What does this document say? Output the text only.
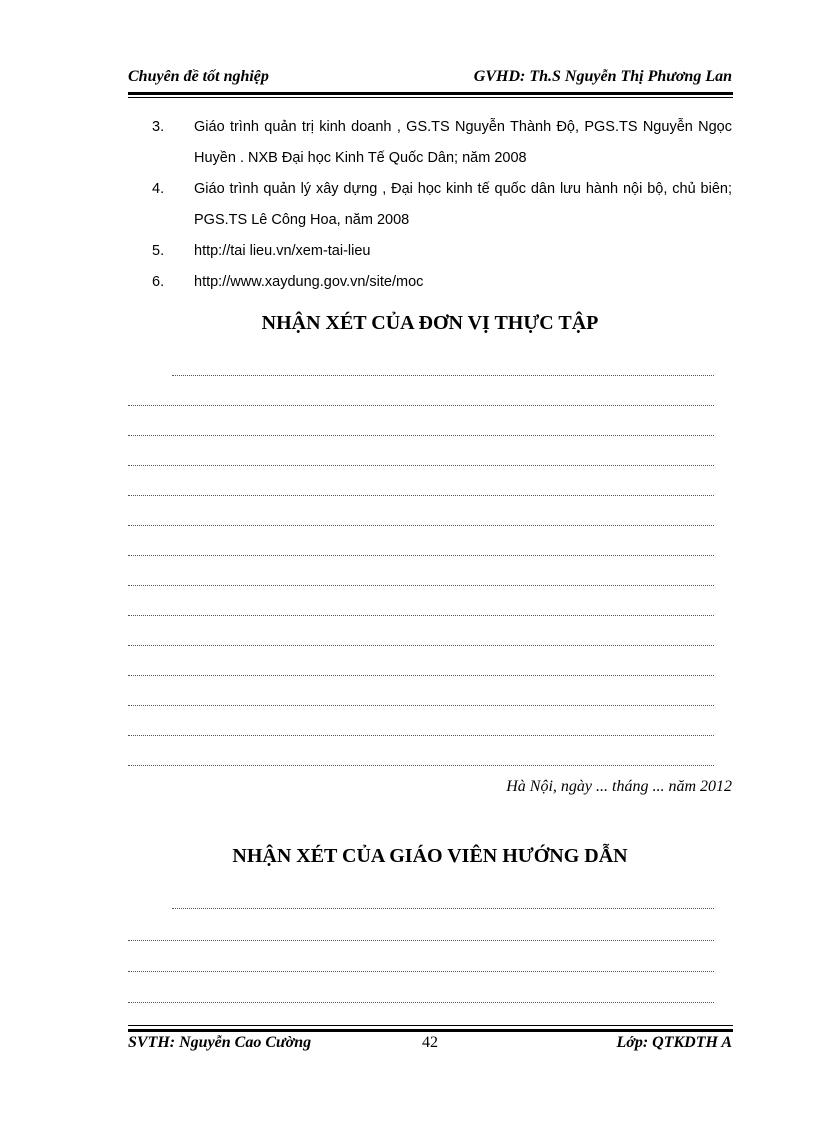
Chuyên đề tốt nghiệp	GVHD: Th.S Nguyễn Thị Phương Lan
3. Giáo trình quản trị kinh doanh , GS.TS Nguyễn Thành Độ, PGS.TS Nguyễn Ngọc Huyền . NXB Đại học Kinh Tế Quốc Dân; năm 2008
4. Giáo trình quản lý xây dựng , Đại học kinh tế quốc dân lưu hành nội bộ, chủ biên; PGS.TS Lê Công Hoa, năm 2008
5. http://tai lieu.vn/xem-tai-lieu
6. http://www.xaydung.gov.vn/site/moc
NHẬN XÉT CỦA ĐƠN VỊ THỰC TẬP
Hà Nội, ngày ... tháng ... năm 2012
NHẬN XÉT CỦA GIÁO VIÊN HƯỚNG DẪN
SVTH: Nguyễn Cao Cường	42	Lớp: QTKDTH A
